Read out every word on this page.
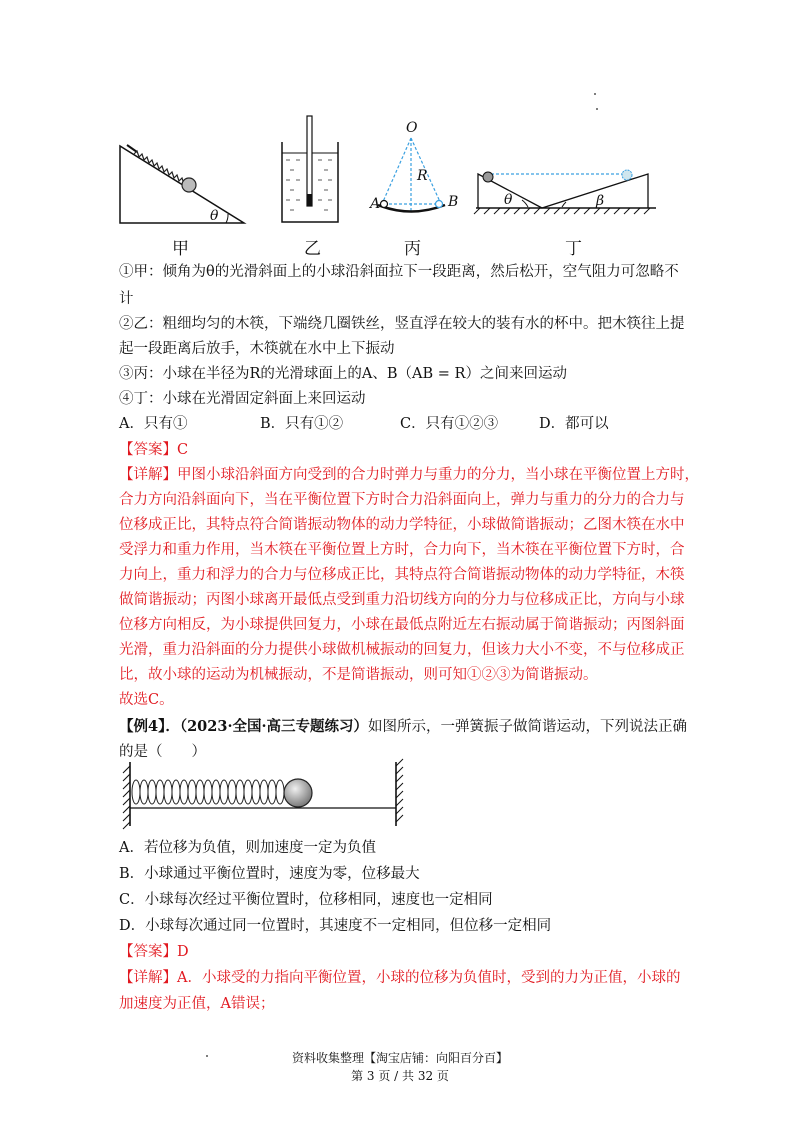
θ
O
R
A	B	θ	β
甲	乙	丙	丁
①甲：倾角为θ的光滑斜面上的小球沿斜面拉下一段距离，然后松开，空气阻力可忽略不
计
②乙：粗细均匀的木筷，下端绕几圈铁丝，竖直浮在较大的装有水的杯中。把木筷往上提
起一段距离后放手，木筷就在水中上下振动
③丙：小球在半径为R的光滑球面上的A、B（AB = R）之间来回运动
④丁：小球在光滑固定斜面上来回运动
A．只有①	B．只有①②	C．只有①②③	D．都可以
【答案】C
【详解】甲图小球沿斜面方向受到的合力时弹力与重力的分力，当小球在平衡位置上方时，
合力方向沿斜面向下，当在平衡位置下方时合力沿斜面向上，弹力与重力的分力的合力与
位移成正比，其特点符合简谐振动物体的动力学特征，小球做简谐振动；乙图木筷在水中
受浮力和重力作用，当木筷在平衡位置上方时，合力向下，当木筷在平衡位置下方时，合
力向上，重力和浮力的合力与位移成正比，其特点符合简谐振动物体的动力学特征，木筷
做简谐振动；丙图小球离开最低点受到重力沿切线方向的分力与位移成正比，方向与小球
位移方向相反，为小球提供回复力，小球在最低点附近左右振动属于简谐振动；丙图斜面
光滑，重力沿斜面的分力提供小球做机械振动的回复力，但该力大小不变，不与位移成正
比，故小球的运动为机械振动，不是简谐振动，则可知①②③为简谐振动。
故选C。
【例4】．（2023·全国·高三专题练习）如图所示，一弹簧振子做简谐运动，下列说法正确
的是（　　）
A．若位移为负值，则加速度一定为负值
B．小球通过平衡位置时，速度为零，位移最大
C．小球每次经过平衡位置时，位移相同，速度也一定相同
D．小球每次通过同一位置时，其速度不一定相同，但位移一定相同
【答案】D
【详解】A．小球受的力指向平衡位置，小球的位移为负值时，受到的力为正值，小球的
加速度为正值，A错误；
资料收集整理【淘宝店铺：向阳百分百】
第 3 页 / 共 32 页
